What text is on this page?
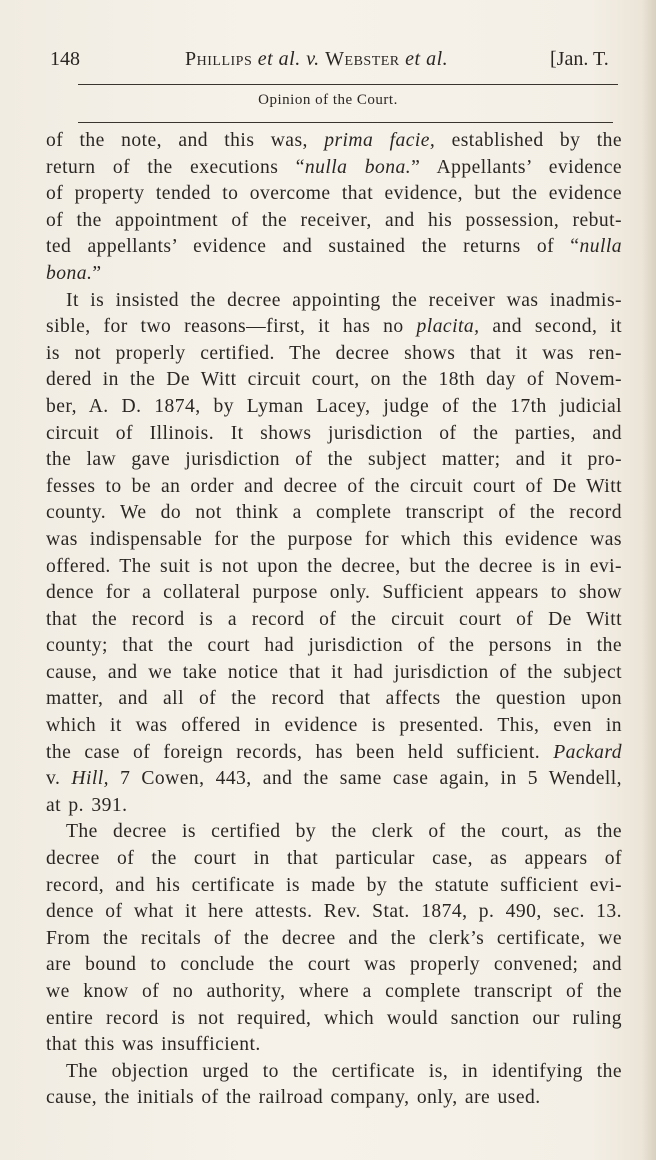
148	Phillips et al. v. Webster et al.	[Jan. T.
Opinion of the Court.
of the note, and this was, prima facie, established by the
return of the executions “nulla bona.” Appellants’ evidence
of property tended to overcome that evidence, but the evidence
of the appointment of the receiver, and his possession, rebut-
ted appellants’ evidence and sustained the returns of “nulla
bona.”
It is insisted the decree appointing the receiver was inadmis-
sible, for two reasons—first, it has no placita, and second, it
is not properly certified. The decree shows that it was ren-
dered in the De Witt circuit court, on the 18th day of Novem-
ber, A. D. 1874, by Lyman Lacey, judge of the 17th judicial
circuit of Illinois. It shows jurisdiction of the parties, and
the law gave jurisdiction of the subject matter; and it pro-
fesses to be an order and decree of the circuit court of De Witt
county. We do not think a complete transcript of the record
was indispensable for the purpose for which this evidence was
offered. The suit is not upon the decree, but the decree is in evi-
dence for a collateral purpose only. Sufficient appears to show
that the record is a record of the circuit court of De Witt
county; that the court had jurisdiction of the persons in the
cause, and we take notice that it had jurisdiction of the subject
matter, and all of the record that affects the question upon
which it was offered in evidence is presented. This, even in
the case of foreign records, has been held sufficient. Packard
v. Hill, 7 Cowen, 443, and the same case again, in 5 Wendell,
at p. 391.
The decree is certified by the clerk of the court, as the
decree of the court in that particular case, as appears of
record, and his certificate is made by the statute sufficient evi-
dence of what it here attests. Rev. Stat. 1874, p. 490, sec. 13.
From the recitals of the decree and the clerk’s certificate, we
are bound to conclude the court was properly convened; and
we know of no authority, where a complete transcript of the
entire record is not required, which would sanction our ruling
that this was insufficient.
The objection urged to the certificate is, in identifying the
cause, the initials of the railroad company, only, are used.
